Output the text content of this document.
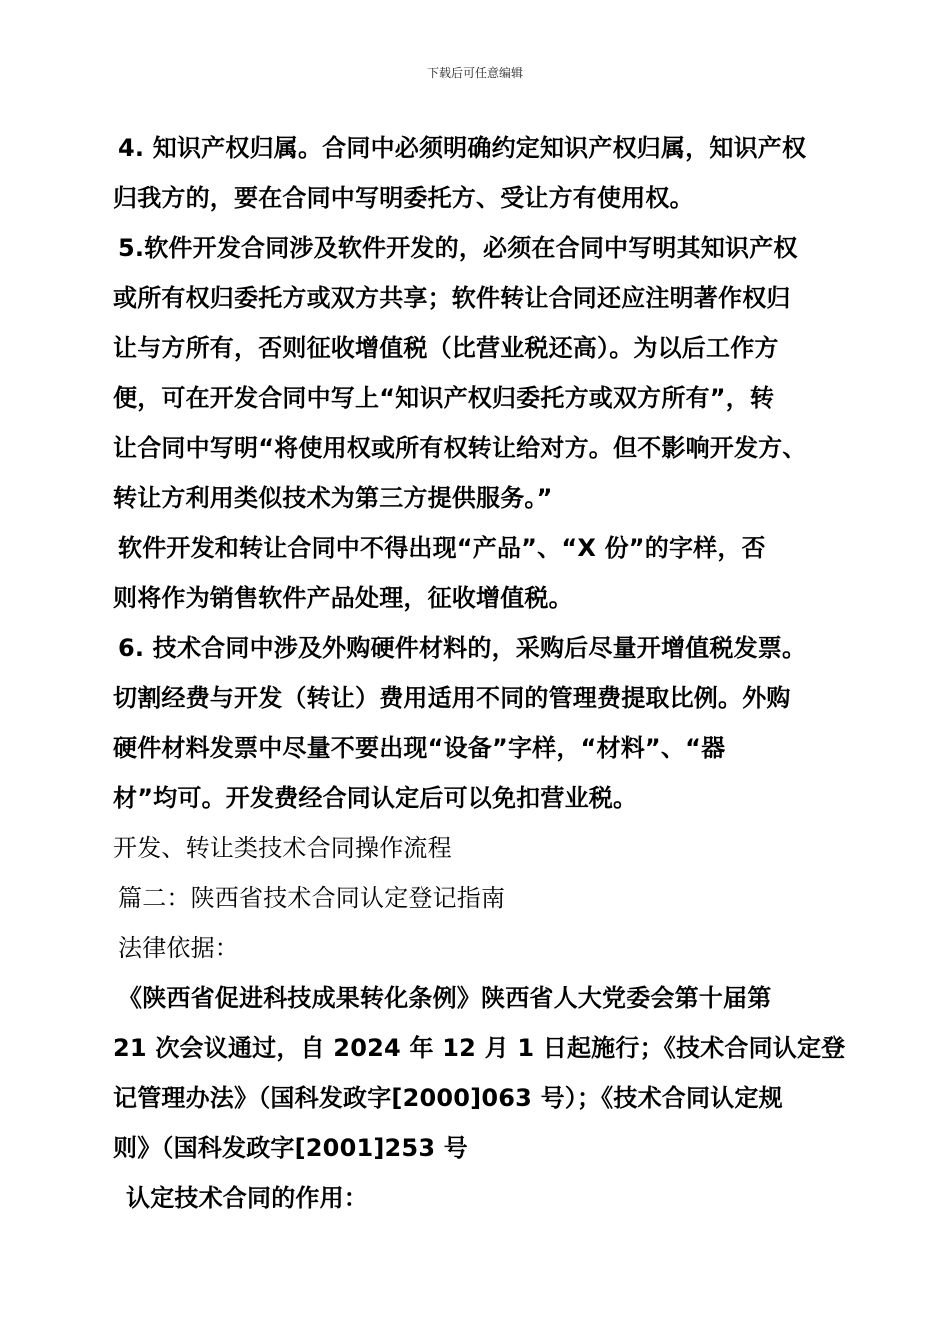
下载后可任意编辑
4. 知识产权归属。合同中必须明确约定知识产权归属，知识产权
归我方的，要在合同中写明委托方、受让方有使用权。
5.软件开发合同涉及软件开发的，必须在合同中写明其知识产权
或所有权归委托方或双方共享；软件转让合同还应注明著作权归
让与方所有，否则征收增值税（比营业税还高）。为以后工作方
便，可在开发合同中写上“知识产权归委托方或双方所有”，转
让合同中写明“将使用权或所有权转让给对方。但不影响开发方、
转让方利用类似技术为第三方提供服务。”
软件开发和转让合同中不得出现“产品”、“X 份”的字样，否
则将作为销售软件产品处理，征收增值税。
6. 技术合同中涉及外购硬件材料的，采购后尽量开增值税发票。
切割经费与开发（转让）费用适用不同的管理费提取比例。外购
硬件材料发票中尽量不要出现“设备”字样，“材料”、“器
材”均可。开发费经合同认定后可以免扣营业税。
开发、转让类技术合同操作流程
篇二：陕西省技术合同认定登记指南
法律依据：
《陕西省促进科技成果转化条例》陕西省人大党委会第十届第
21 次会议通过，自 2024 年 12 月 1 日起施行；《技术合同认定登
记管理办法》（国科发政字[2000]063 号）；《技术合同认定规
则》（国科发政字[2001]253 号
认定技术合同的作用：
